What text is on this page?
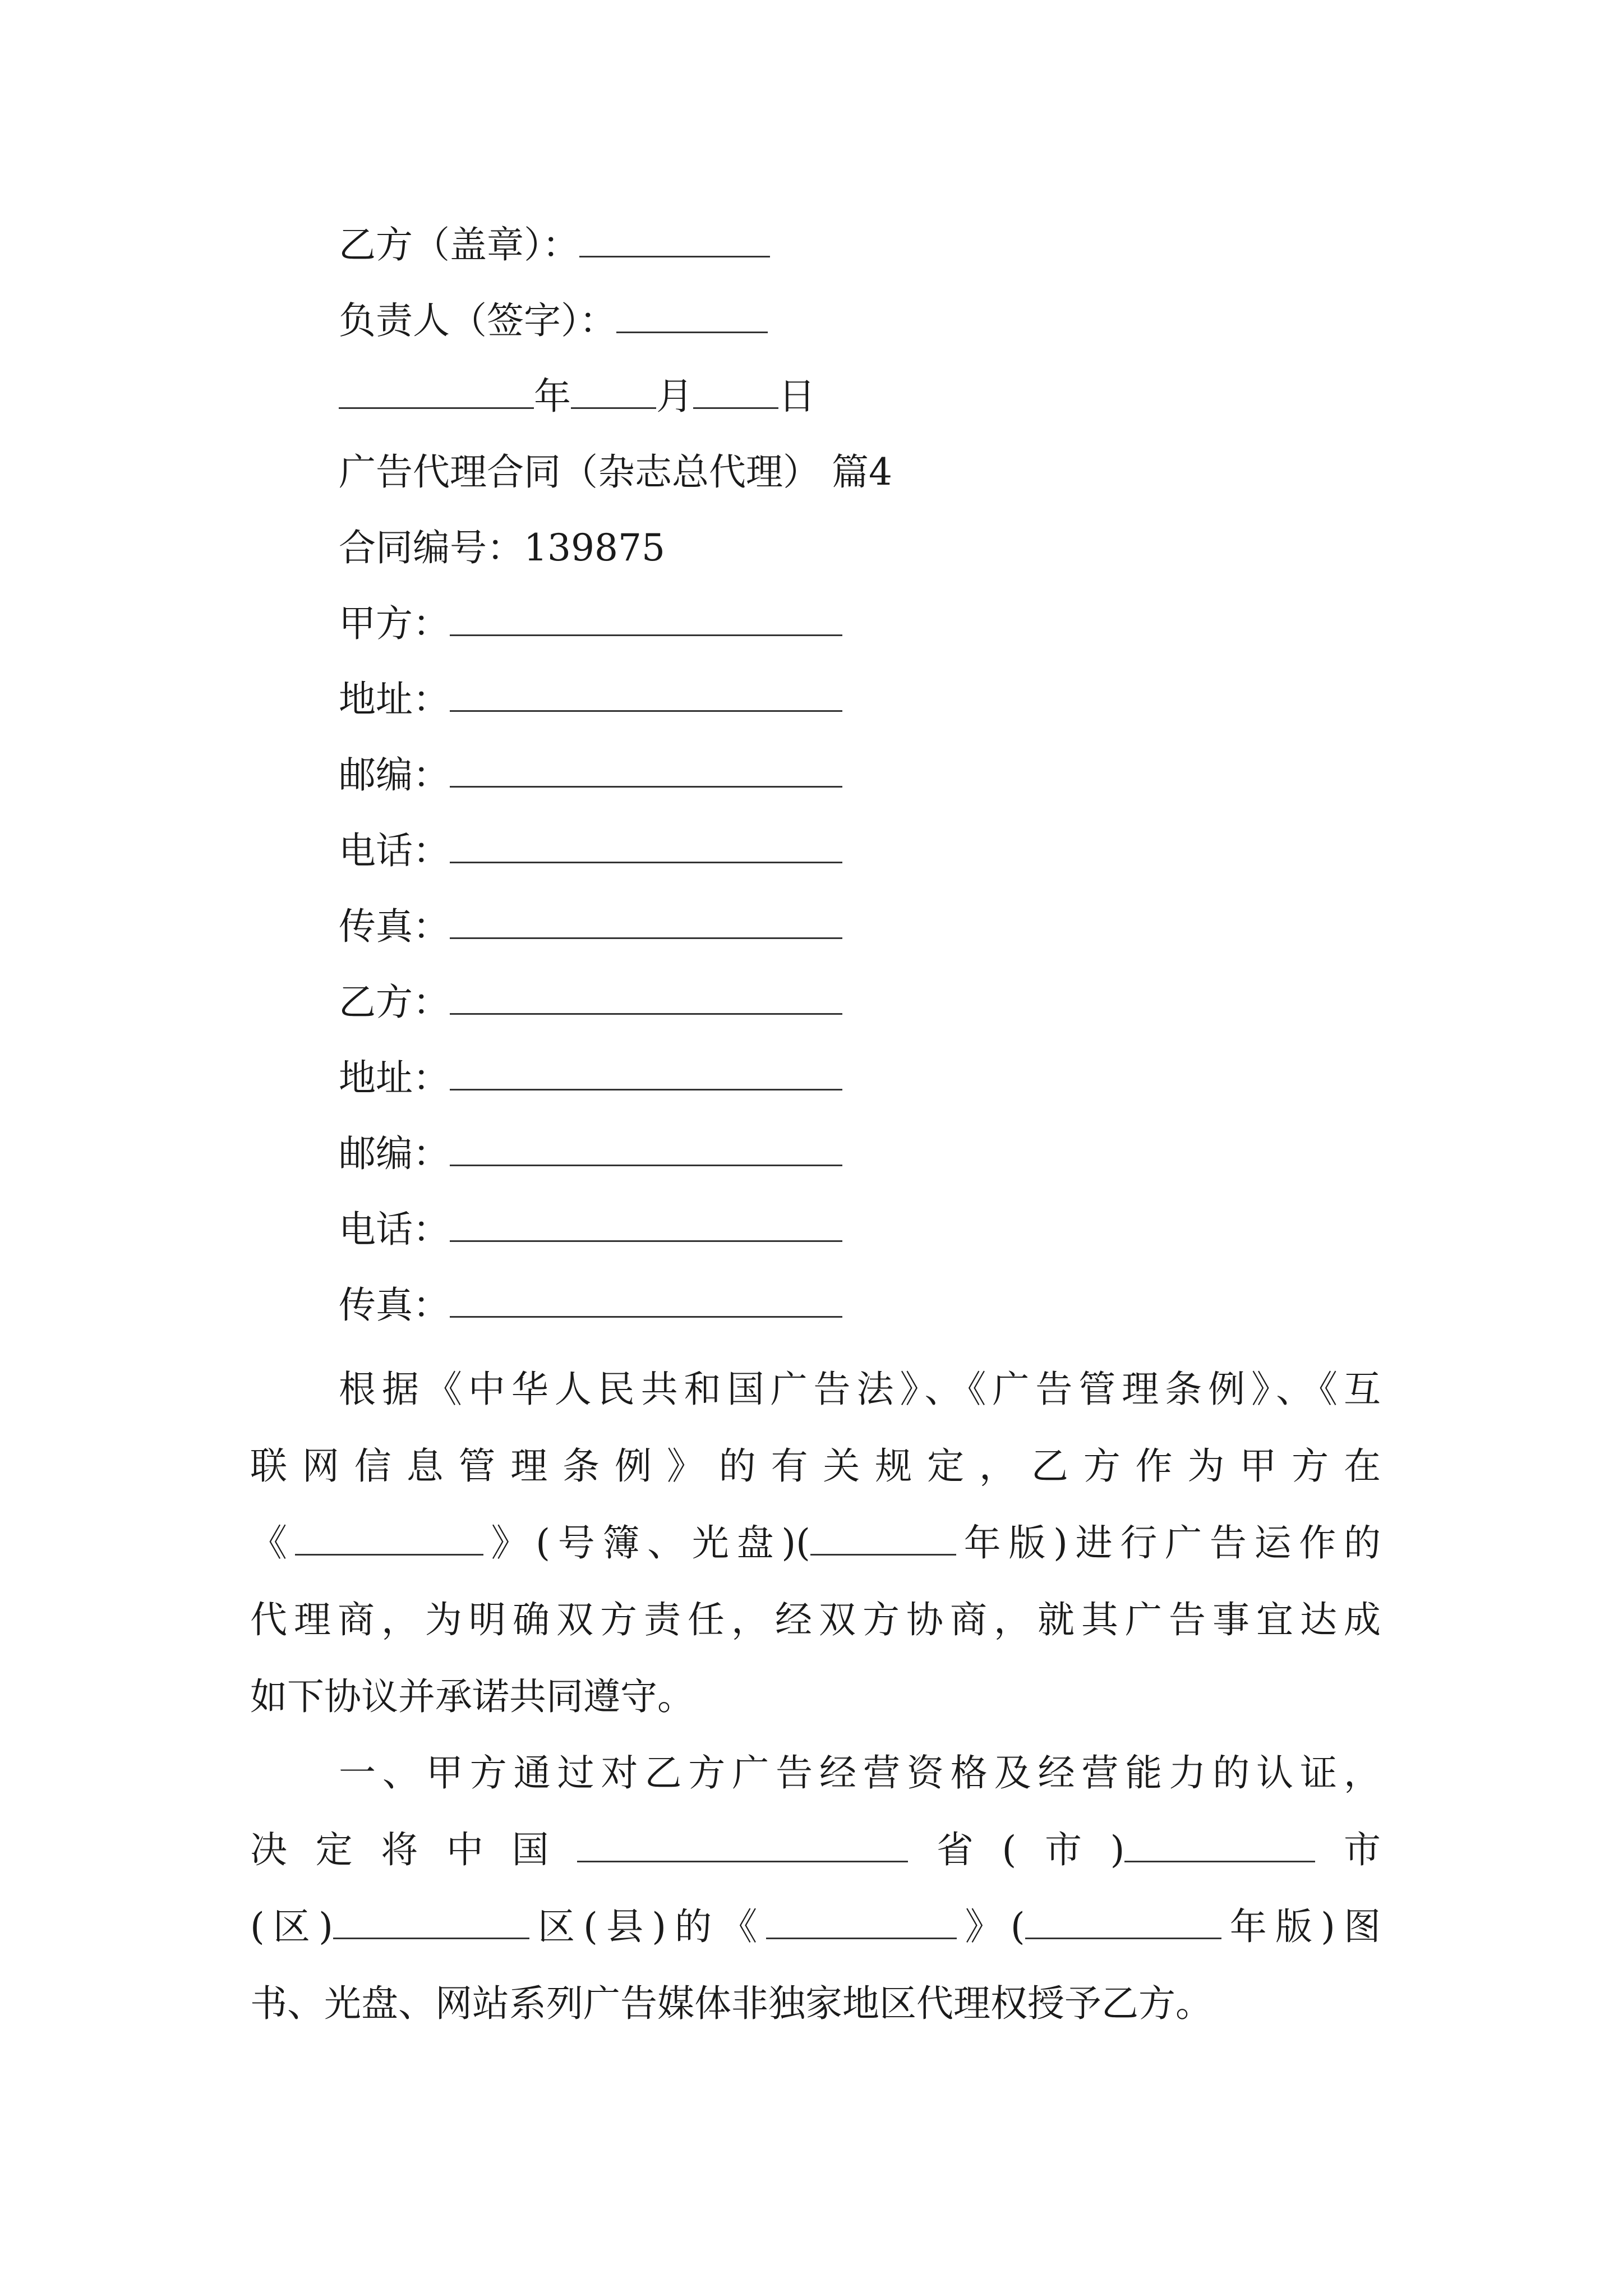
乙方（盖章）：
负责人（签字）：
年 月 日
广告代理合同（杂志总代理） 篇4
合同编号：139875
甲方：
地址：
邮编：
电话：
传真：
乙方：
地址：
邮编：
电话：
传真：
根据《中华人民共和国广告法》、《广告管理条例》、《互
联网信息管理条例》的有关规定，乙方作为甲方在
《	》(号簿、光盘)(	年版)进行广告运作的
代理商，为明确双方责任，经双方协商，就其广告事宜达成
如下协议并承诺共同遵守。
一、甲方通过对乙方广告经营资格及经营能力的认证，
决定将中国	省(市)	市
(区)	区(县)的《	》(	年版)图
书、光盘、网站系列广告媒体非独家地区代理权授予乙方。
